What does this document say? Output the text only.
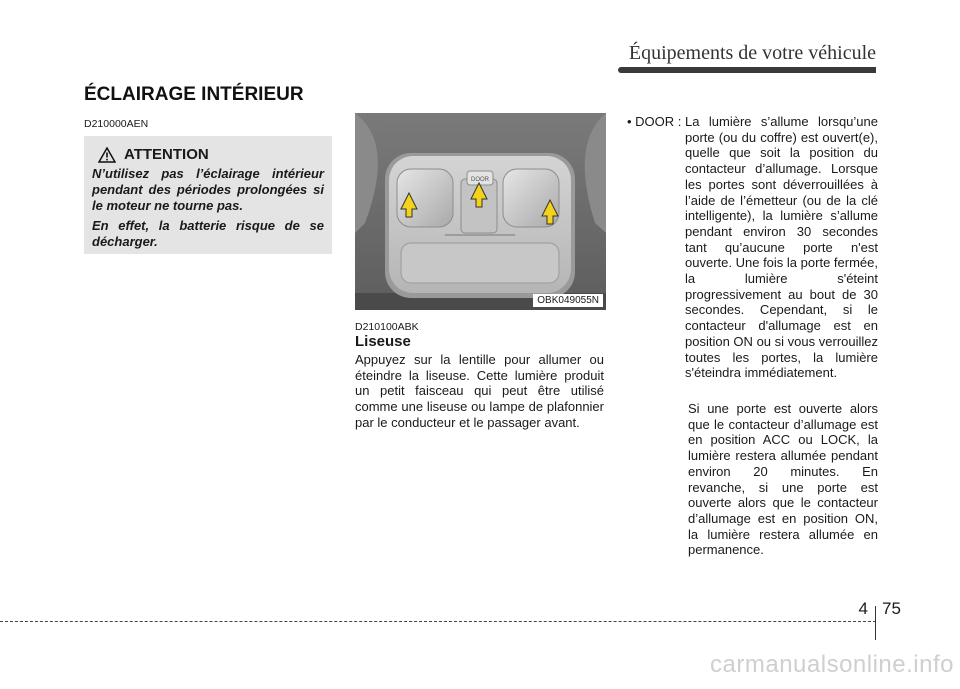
Équipements de votre véhicule
ÉCLAIRAGE INTÉRIEUR
D210000AEN
ATTENTION

N’utilisez pas l’éclairage intérieur pendant des périodes prolongées si le moteur ne tourne pas.

En effet, la batterie risque de se décharger.

DOOR
OBK049055N
D210100ABK
Liseuse
Appuyez sur la lentille pour allumer ou éteindre la liseuse. Cette lumière produit un petit faisceau qui peut être utilisé comme une liseuse ou lampe de plafonnier par le conducteur et le passager avant.
• DOOR : La lumière s’allume lorsqu’une porte (ou du coffre) est ouvert(e), quelle que soit la position du contacteur d’allumage. Lorsque les portes sont déverrouillées à l’aide de l’émetteur (ou de la clé intelligente), la lumière s’allume pendant environ 30 secondes tant qu’aucune porte n'est ouverte. Une fois la porte fermée, la lumière s'éteint progressivement au bout de 30 secondes. Cependant, si le contacteur d'allumage est en position ON ou si vous verrouillez toutes les portes, la lumière s'éteindra immédiatement.
Si une porte est ouverte alors que le contacteur d’allumage est en position ACC ou LOCK, la lumière restera allumée pendant environ 20 minutes. En revanche, si une porte est ouverte alors que le contacteur d’allumage est en position ON, la lumière restera allumée en permanence.
4 75
carmanualsonline.info
